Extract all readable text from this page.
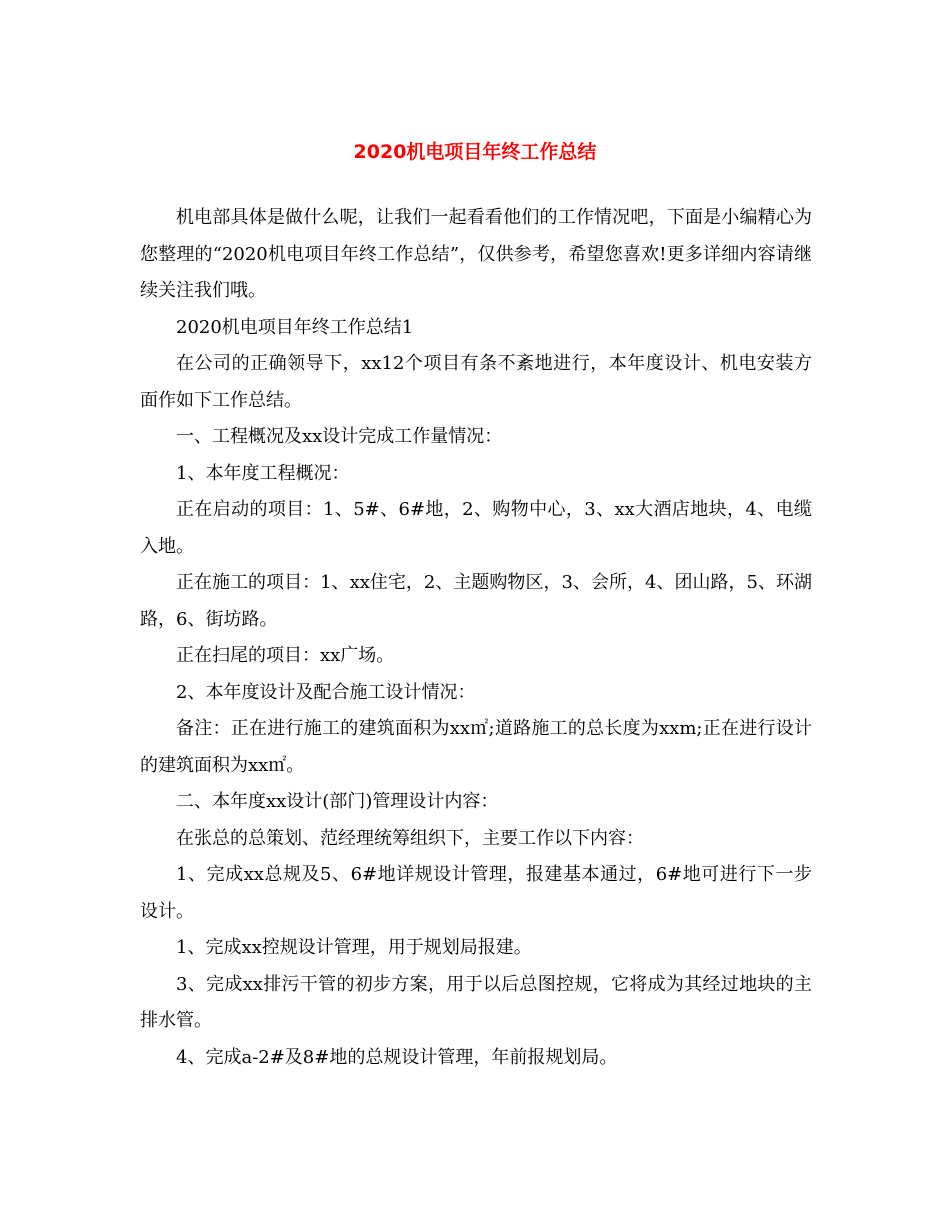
2020机电项目年终工作总结

机电部具体是做什么呢，让我们一起看看他们的工作情况吧，下面是小编精心为您整理的“2020机电项目年终工作总结”，仅供参考，希望您喜欢!更多详细内容请继续关注我们哦。

2020机电项目年终工作总结1

在公司的正确领导下，xx12个项目有条不紊地进行，本年度设计、机电安装方面作如下工作总结。

一、工程概况及xx设计完成工作量情况：

1、本年度工程概况：

正在启动的项目：1、5#、6#地，2、购物中心，3、xx大酒店地块，4、电缆入地。

正在施工的项目：1、xx住宅，2、主题购物区，3、会所，4、团山路，5、环湖路，6、街坊路。

正在扫尾的项目：xx广场。

2、本年度设计及配合施工设计情况：

备注：正在进行施工的建筑面积为xx㎡;道路施工的总长度为xxm;正在进行设计的建筑面积为xx㎡。

二、本年度xx设计(部门)管理设计内容：

在张总的总策划、范经理统筹组织下，主要工作以下内容：

1、完成xx总规及5、6#地详规设计管理，报建基本通过，6#地可进行下一步设计。

1、完成xx控规设计管理，用于规划局报建。

3、完成xx排污干管的初步方案，用于以后总图控规，它将成为其经过地块的主排水管。

4、完成a-2#及8#地的总规设计管理，年前报规划局。
